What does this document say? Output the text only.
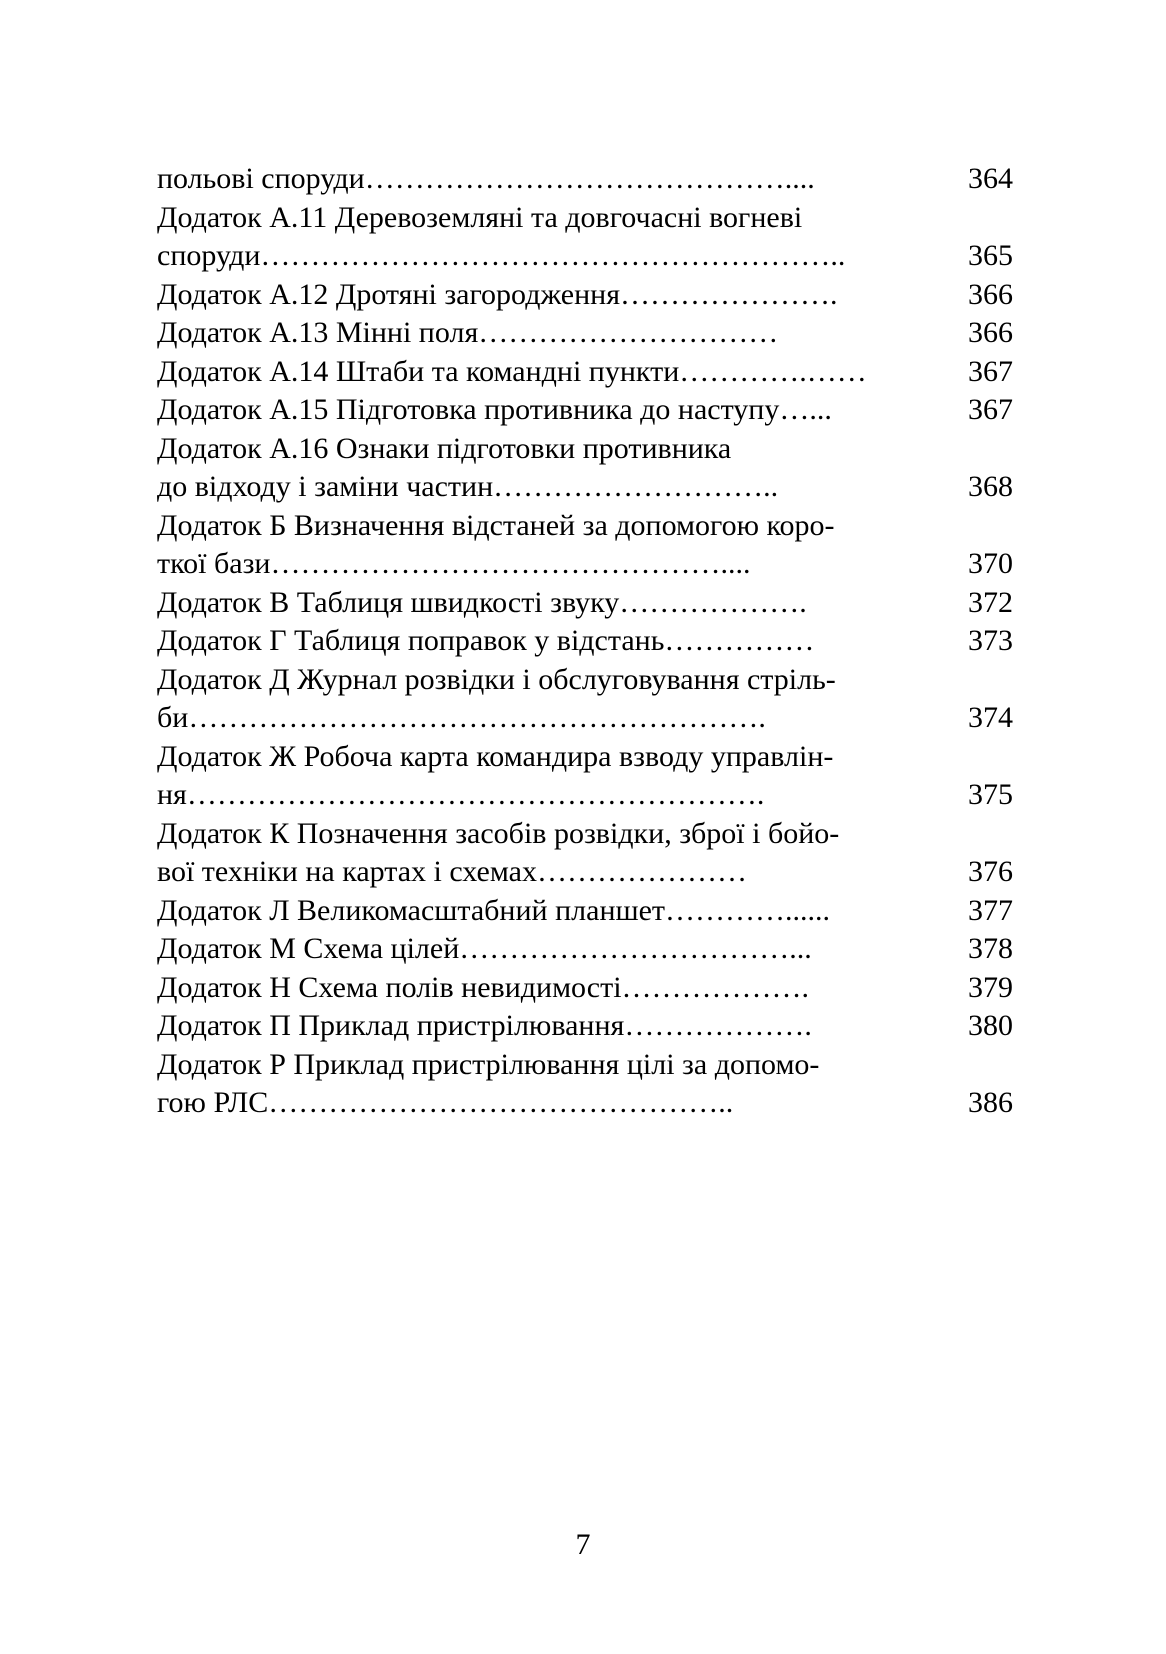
польові споруди……………………………………....	364
Додаток А.11 Деревоземляні та довгочасні вогневі
споруди…………………………………………………..	365
Додаток А.12 Дротяні загородження………………….	366
Додаток А.13 Мінні поля…………………………	366
Додаток А.14 Штаби та командні пункти………….……	367
Додаток А.15 Підготовка противника до наступу…...	367
Додаток А.16 Ознаки підготовки противника
до відходу і заміни частин………………………..	368
Додаток Б Визначення відстаней за допомогою коро-
ткої бази………………………………………....	370
Додаток В Таблиця швидкості звуку……………….	372
Додаток Г Таблиця поправок у відстань……………	373
Додаток Д Журнал розвідки і обслуговування стріль-
би………………………………………………….	374
Додаток Ж Робоча карта командира взводу управлін-
ня………………………………………………….	375
Додаток К Позначення засобів розвідки, зброї і бойо-
вої техніки на картах і схемах…………………	376
Додаток Л Великомасштабний планшет…………......	377
Додаток М Схема цілей……………………………...	378
Додаток Н Схема полів невидимості……………….	379
Додаток П Приклад пристрілювання……………….	380
Додаток Р Приклад пристрілювання цілі за допомо-
гою РЛС………………………………………..	386
7
